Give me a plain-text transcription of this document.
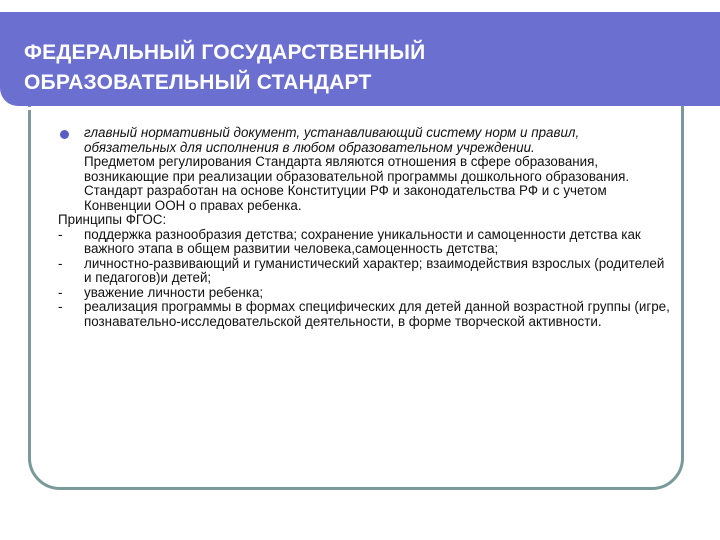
ФЕДЕРАЛЬНЫЙ ГОСУДАРСТВЕННЫЙ
ОБРАЗОВАТЕЛЬНЫЙ СТАНДАРТ
главный нормативный документ, устанавливающий систему норм и правил, обязательных для исполнения в любом образовательном учреждении.
Предметом регулирования Стандарта являются отношения в сфере образования, возникающие при реализации образовательной программы дошкольного образования.
Стандарт разработан на основе Конституции РФ и законодательства РФ и с учетом Конвенции ООН о правах ребенка.
Принципы ФГОС:
- поддержка разнообразия детства; сохранение уникальности и самоценности детства как важного этапа в общем развитии человека,самоценность детства;
- личностно-развивающий и гуманистический характер; взаимодействия взрослых (родителей и педагогов)и детей;
- уважение личности ребенка;
- реализация программы в формах специфических для детей данной возрастной группы (игре, познавательно-исследовательской деятельности, в форме творческой активности.
